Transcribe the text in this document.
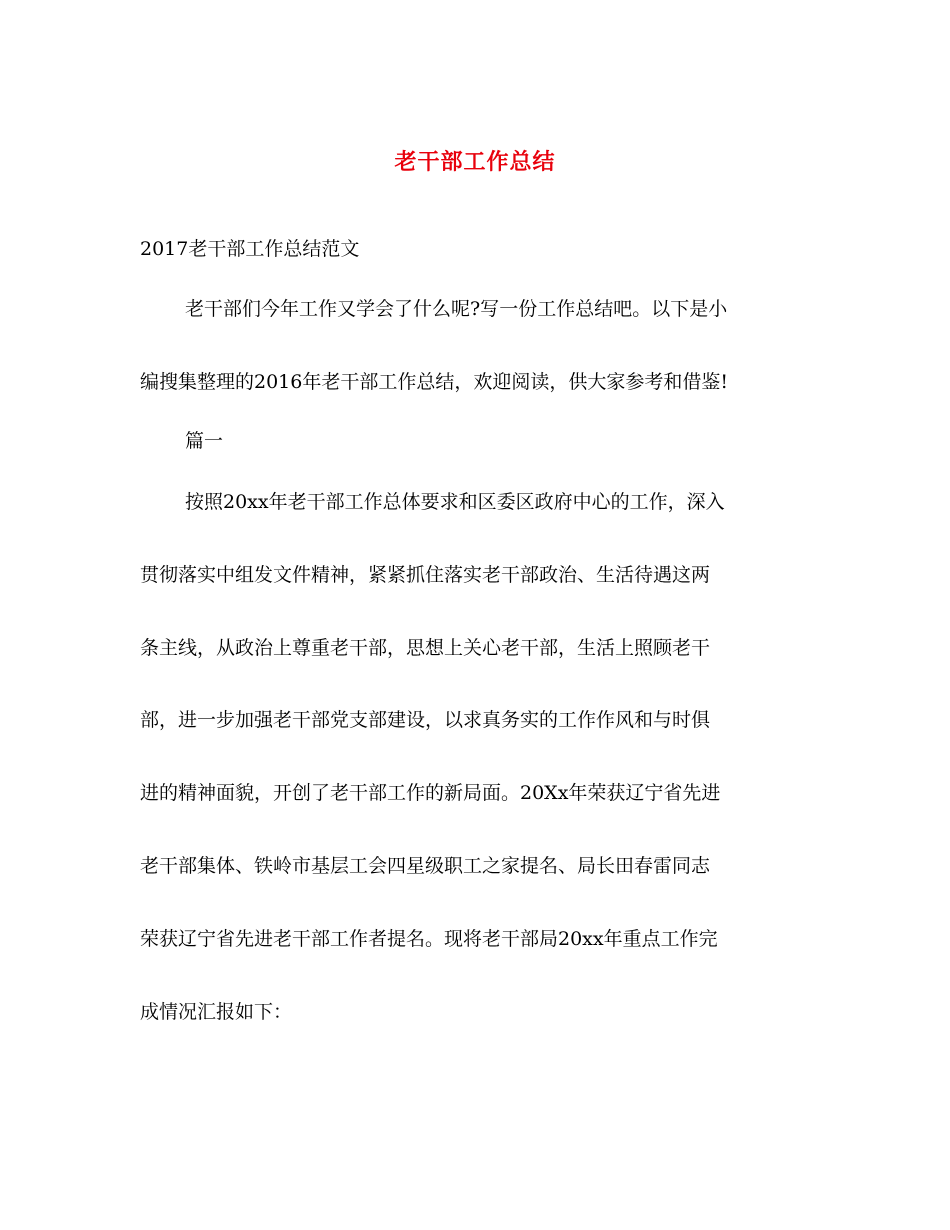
老干部工作总结
2017老干部工作总结范文
老干部们今年工作又学会了什么呢?写一份工作总结吧。以下是小
编搜集整理的2016年老干部工作总结，欢迎阅读，供大家参考和借鉴!
篇一
按照20xx年老干部工作总体要求和区委区政府中心的工作，深入
贯彻落实中组发文件精神，紧紧抓住落实老干部政治、生活待遇这两
条主线，从政治上尊重老干部，思想上关心老干部，生活上照顾老干
部，进一步加强老干部党支部建设，以求真务实的工作作风和与时俱
进的精神面貌，开创了老干部工作的新局面。20Xx年荣获辽宁省先进
老干部集体、铁岭市基层工会四星级职工之家提名、局长田春雷同志
荣获辽宁省先进老干部工作者提名。现将老干部局20xx年重点工作完
成情况汇报如下：
